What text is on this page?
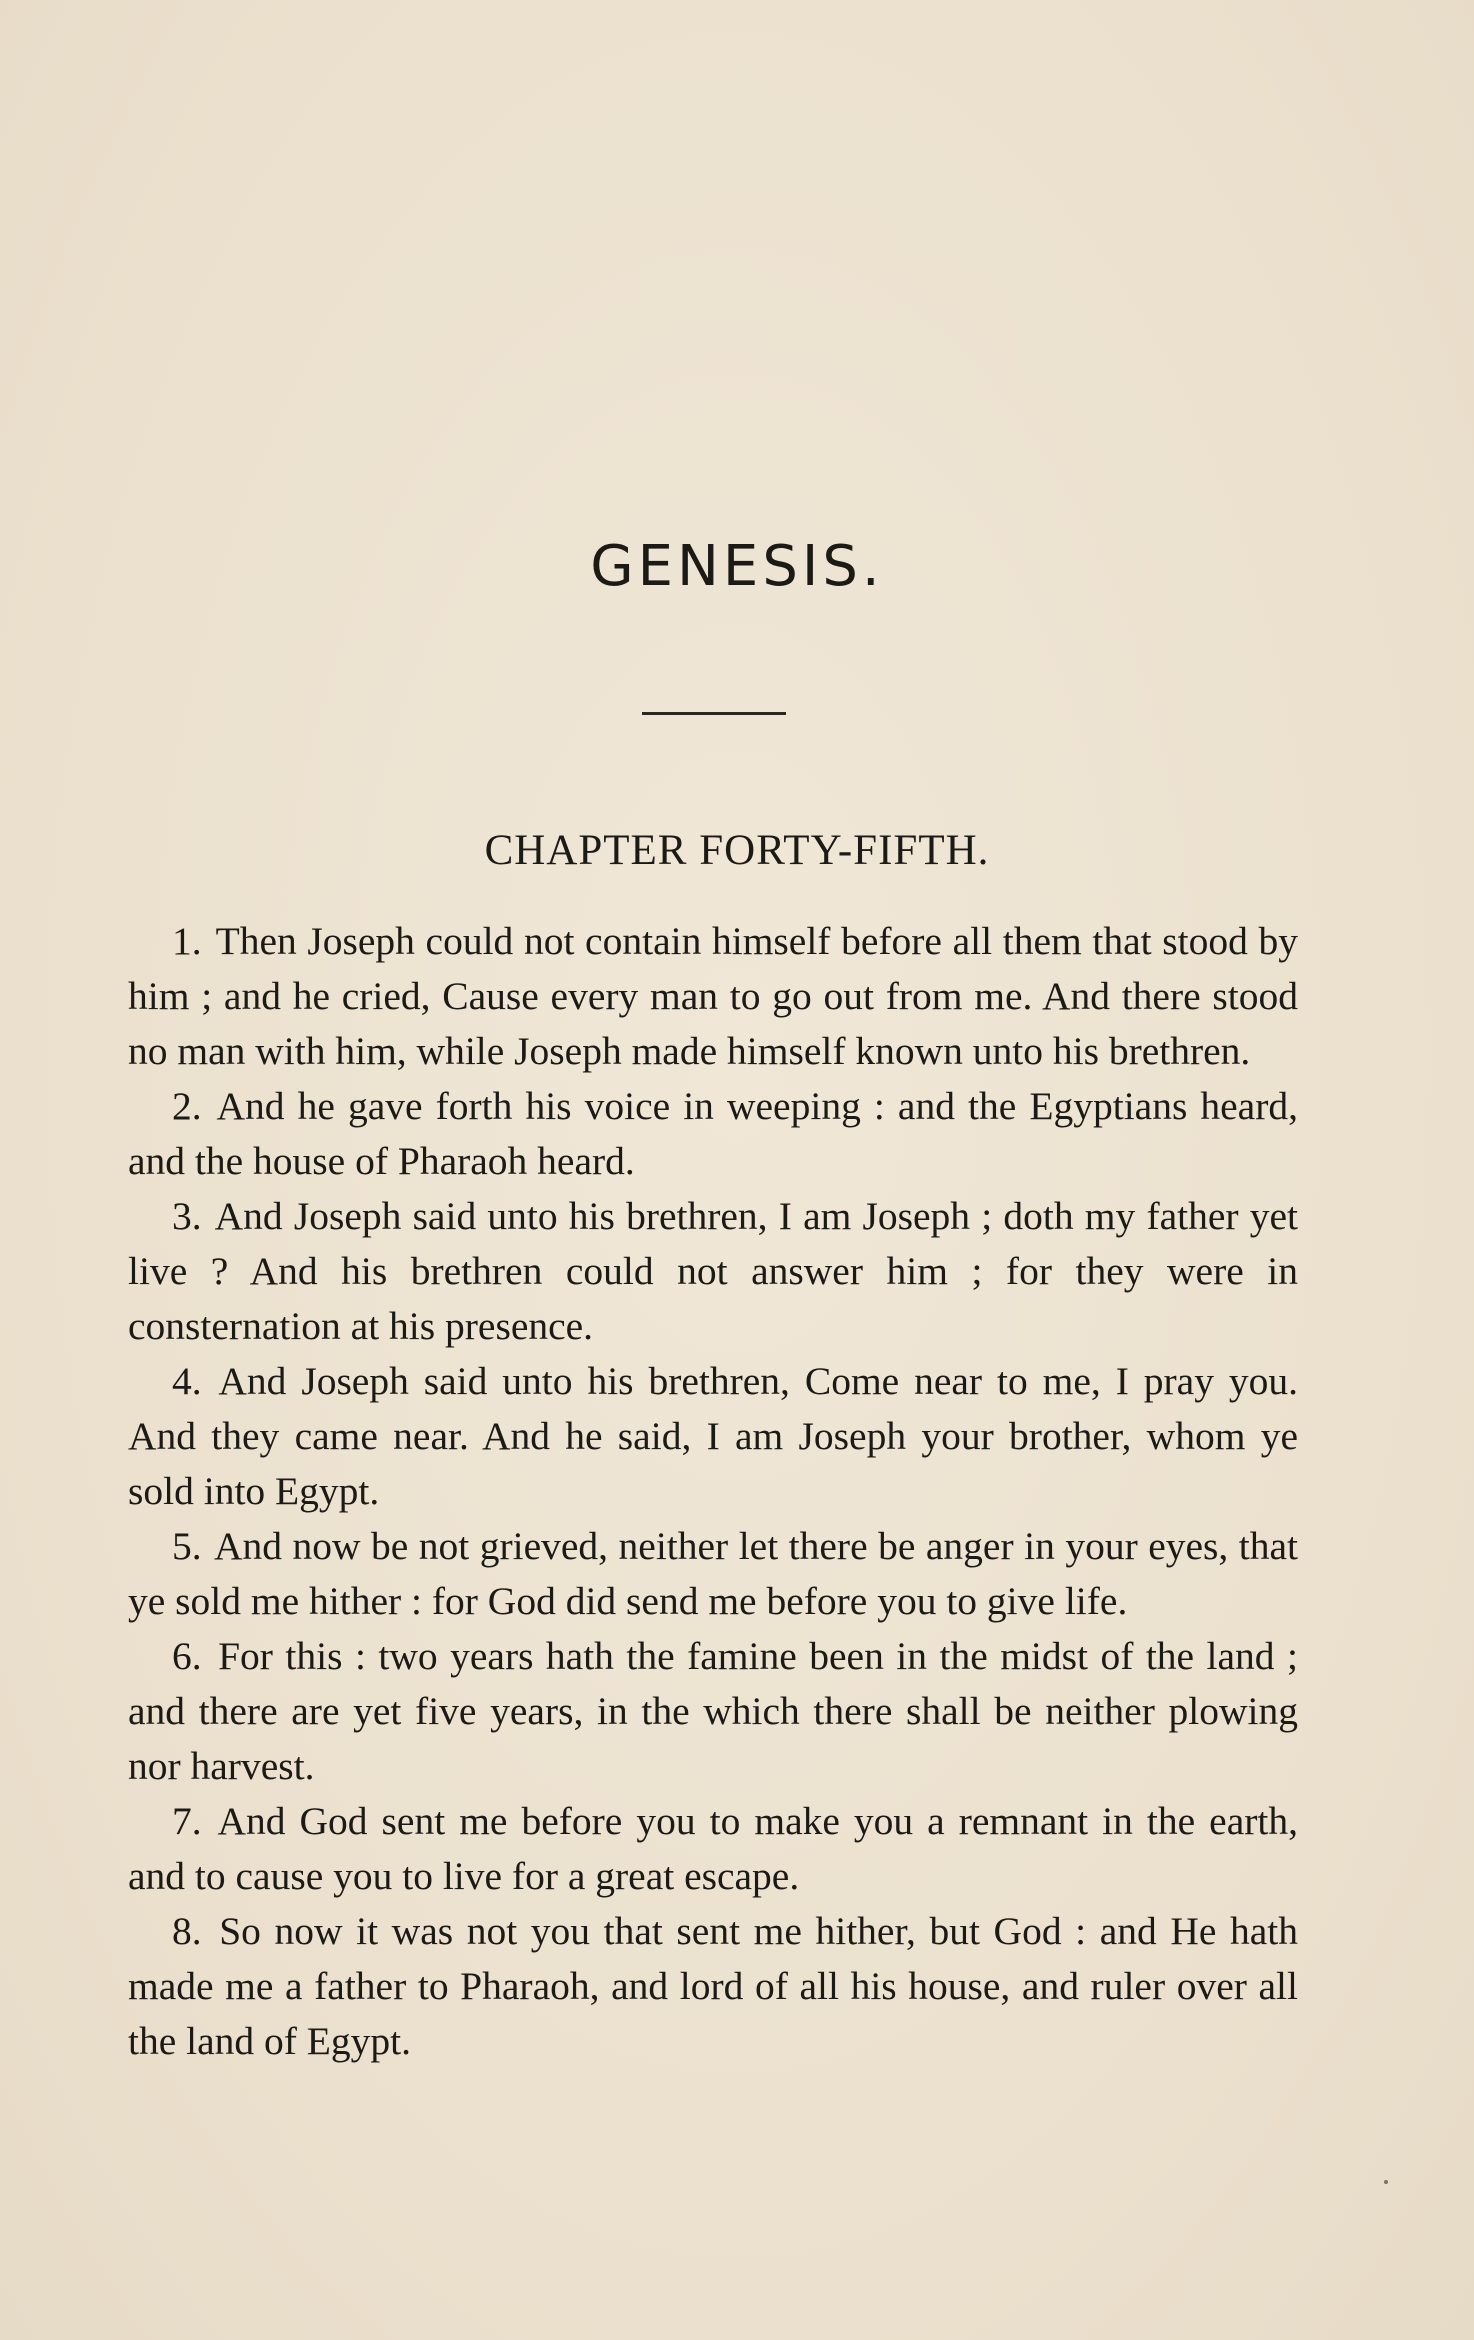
GENESIS.
CHAPTER FORTY-FIFTH.

1. Then Joseph could not contain himself before all them that stood by him ; and he cried, Cause every man to go out from me. And there stood no man with him, while Joseph made himself known unto his brethren.

2. And he gave forth his voice in weeping : and the Egyptians heard, and the house of Pharaoh heard.

3. And Joseph said unto his brethren, I am Joseph ; doth my father yet live ? And his brethren could not answer him ; for they were in consternation at his presence.

4. And Joseph said unto his brethren, Come near to me, I pray you. And they came near. And he said, I am Joseph your brother, whom ye sold into Egypt.

5. And now be not grieved, neither let there be anger in your eyes, that ye sold me hither : for God did send me before you to give life.

6. For this : two years hath the famine been in the midst of the land ; and there are yet five years, in the which there shall be neither plowing nor harvest.

7. And God sent me before you to make you a remnant in the earth, and to cause you to live for a great escape.

8. So now it was not you that sent me hither, but God : and He hath made me a father to Pharaoh, and lord of all his house, and ruler over all the land of Egypt.
